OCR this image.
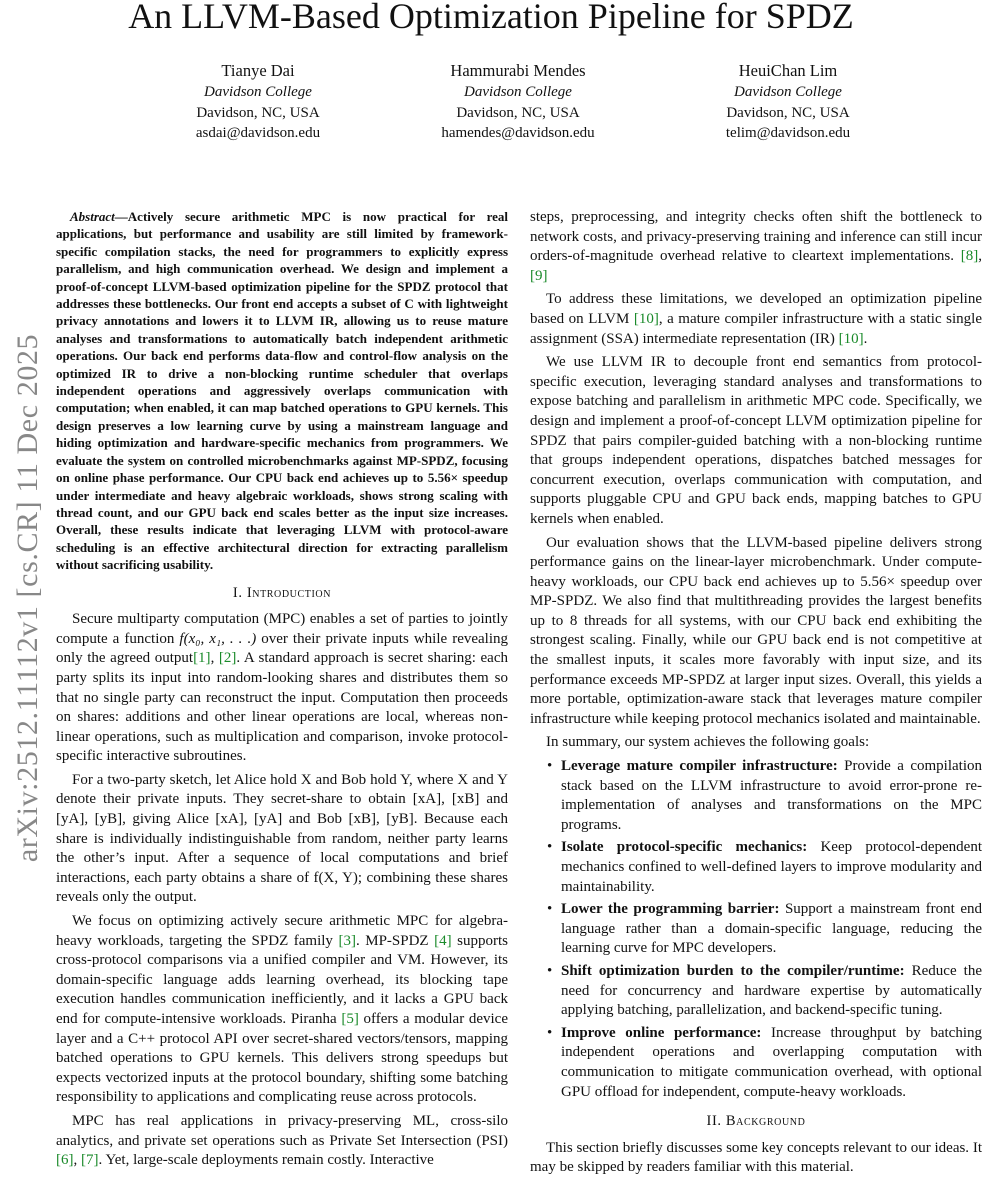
arXiv:2512.11112v1 [cs.CR] 11 Dec 2025
An LLVM-Based Optimization Pipeline for SPDZ
Tianye Dai
Davidson College
Davidson, NC, USA
asdai@davidson.edu
Hammurabi Mendes
Davidson College
Davidson, NC, USA
hamendes@davidson.edu
HeuiChan Lim
Davidson College
Davidson, NC, USA
telim@davidson.edu

Abstract—Actively secure arithmetic MPC is now practical for real applications, but performance and usability are still limited by framework-specific compilation stacks, the need for programmers to explicitly express parallelism, and high communication overhead. We design and implement a proof-of-concept LLVM-based optimization pipeline for the SPDZ protocol that addresses these bottlenecks. Our front end accepts a subset of C with lightweight privacy annotations and lowers it to LLVM IR, allowing us to reuse mature analyses and transformations to automatically batch independent arithmetic operations. Our back end performs data-flow and control-flow analysis on the optimized IR to drive a non-blocking runtime scheduler that overlaps independent operations and aggressively overlaps communication with computation; when enabled, it can map batched operations to GPU kernels. This design preserves a low learning curve by using a mainstream language and hiding optimization and hardware-specific mechanics from programmers. We evaluate the system on controlled microbenchmarks against MP-SPDZ, focusing on online phase performance. Our CPU back end achieves up to 5.56× speedup under intermediate and heavy algebraic workloads, shows strong scaling with thread count, and our GPU back end scales better as the input size increases. Overall, these results indicate that leveraging LLVM with protocol-aware scheduling is an effective architectural direction for extracting parallelism without sacrificing usability.

I. Introduction

Secure multiparty computation (MPC) enables a set of parties to jointly compute a function f(x₀, x₁, . . .) over their private inputs while revealing only the agreed output[1], [2]. A standard approach is secret sharing: each party splits its input into random-looking shares and distributes them so that no single party can reconstruct the input. Computation then proceeds on shares: additions and other linear operations are local, whereas non-linear operations, such as multiplication and comparison, invoke protocol-specific interactive subroutines.

For a two-party sketch, let Alice hold X and Bob hold Y, where X and Y denote their private inputs. They secret-share to obtain [xA], [xB] and [yA], [yB], giving Alice [xA], [yA] and Bob [xB], [yB]. Because each share is individually indistinguishable from random, neither party learns the other’s input. After a sequence of local computations and brief interactions, each party obtains a share of f(X, Y); combining these shares reveals only the output.

We focus on optimizing actively secure arithmetic MPC for algebra-heavy workloads, targeting the SPDZ family [3]. MP-SPDZ [4] supports cross-protocol comparisons via a unified compiler and VM. However, its domain-specific language adds learning overhead, its blocking tape execution handles communication inefficiently, and it lacks a GPU back end for compute-intensive workloads. Piranha [5] offers a modular device layer and a C++ protocol API over secret-shared vectors/tensors, mapping batched operations to GPU kernels. This delivers strong speedups but expects vectorized inputs at the protocol boundary, shifting some batching responsibility to applications and complicating reuse across protocols.

MPC has real applications in privacy-preserving ML, cross-silo analytics, and private set operations such as Private Set Intersection (PSI) [6], [7]. Yet, large-scale deployments remain costly. Interactive

steps, preprocessing, and integrity checks often shift the bottleneck to network costs, and privacy-preserving training and inference can still incur orders-of-magnitude overhead relative to cleartext implementations. [8], [9]

To address these limitations, we developed an optimization pipeline based on LLVM [10], a mature compiler infrastructure with a static single assignment (SSA) intermediate representation (IR) [10].

We use LLVM IR to decouple front end semantics from protocol-specific execution, leveraging standard analyses and transformations to expose batching and parallelism in arithmetic MPC code. Specifically, we design and implement a proof-of-concept LLVM optimization pipeline for SPDZ that pairs compiler-guided batching with a non-blocking runtime that groups independent operations, dispatches batched messages for concurrent execution, overlaps communication with computation, and supports pluggable CPU and GPU back ends, mapping batches to GPU kernels when enabled.

Our evaluation shows that the LLVM-based pipeline delivers strong performance gains on the linear-layer microbenchmark. Under compute-heavy workloads, our CPU back end achieves up to 5.56× speedup over MP-SPDZ. We also find that multithreading provides the largest benefits up to 8 threads for all systems, with our CPU back end exhibiting the strongest scaling. Finally, while our GPU back end is not competitive at the smallest inputs, it scales more favorably with input size, and its performance exceeds MP-SPDZ at larger input sizes. Overall, this yields a more portable, optimization-aware stack that leverages mature compiler infrastructure while keeping protocol mechanics isolated and maintainable.

In summary, our system achieves the following goals:

• Leverage mature compiler infrastructure: Provide a compilation stack based on the LLVM infrastructure to avoid error-prone re-implementation of analyses and transformations on the MPC programs.
• Isolate protocol-specific mechanics: Keep protocol-dependent mechanics confined to well-defined layers to improve modularity and maintainability.
• Lower the programming barrier: Support a mainstream front end language rather than a domain-specific language, reducing the learning curve for MPC developers.
• Shift optimization burden to the compiler/runtime: Reduce the need for concurrency and hardware expertise by automatically applying batching, parallelization, and backend-specific tuning.
• Improve online performance: Increase throughput by batching independent operations and overlapping computation with communication to mitigate communication overhead, with optional GPU offload for independent, compute-heavy workloads.
II. Background

This section briefly discusses some key concepts relevant to our ideas. It may be skipped by readers familiar with this material.
